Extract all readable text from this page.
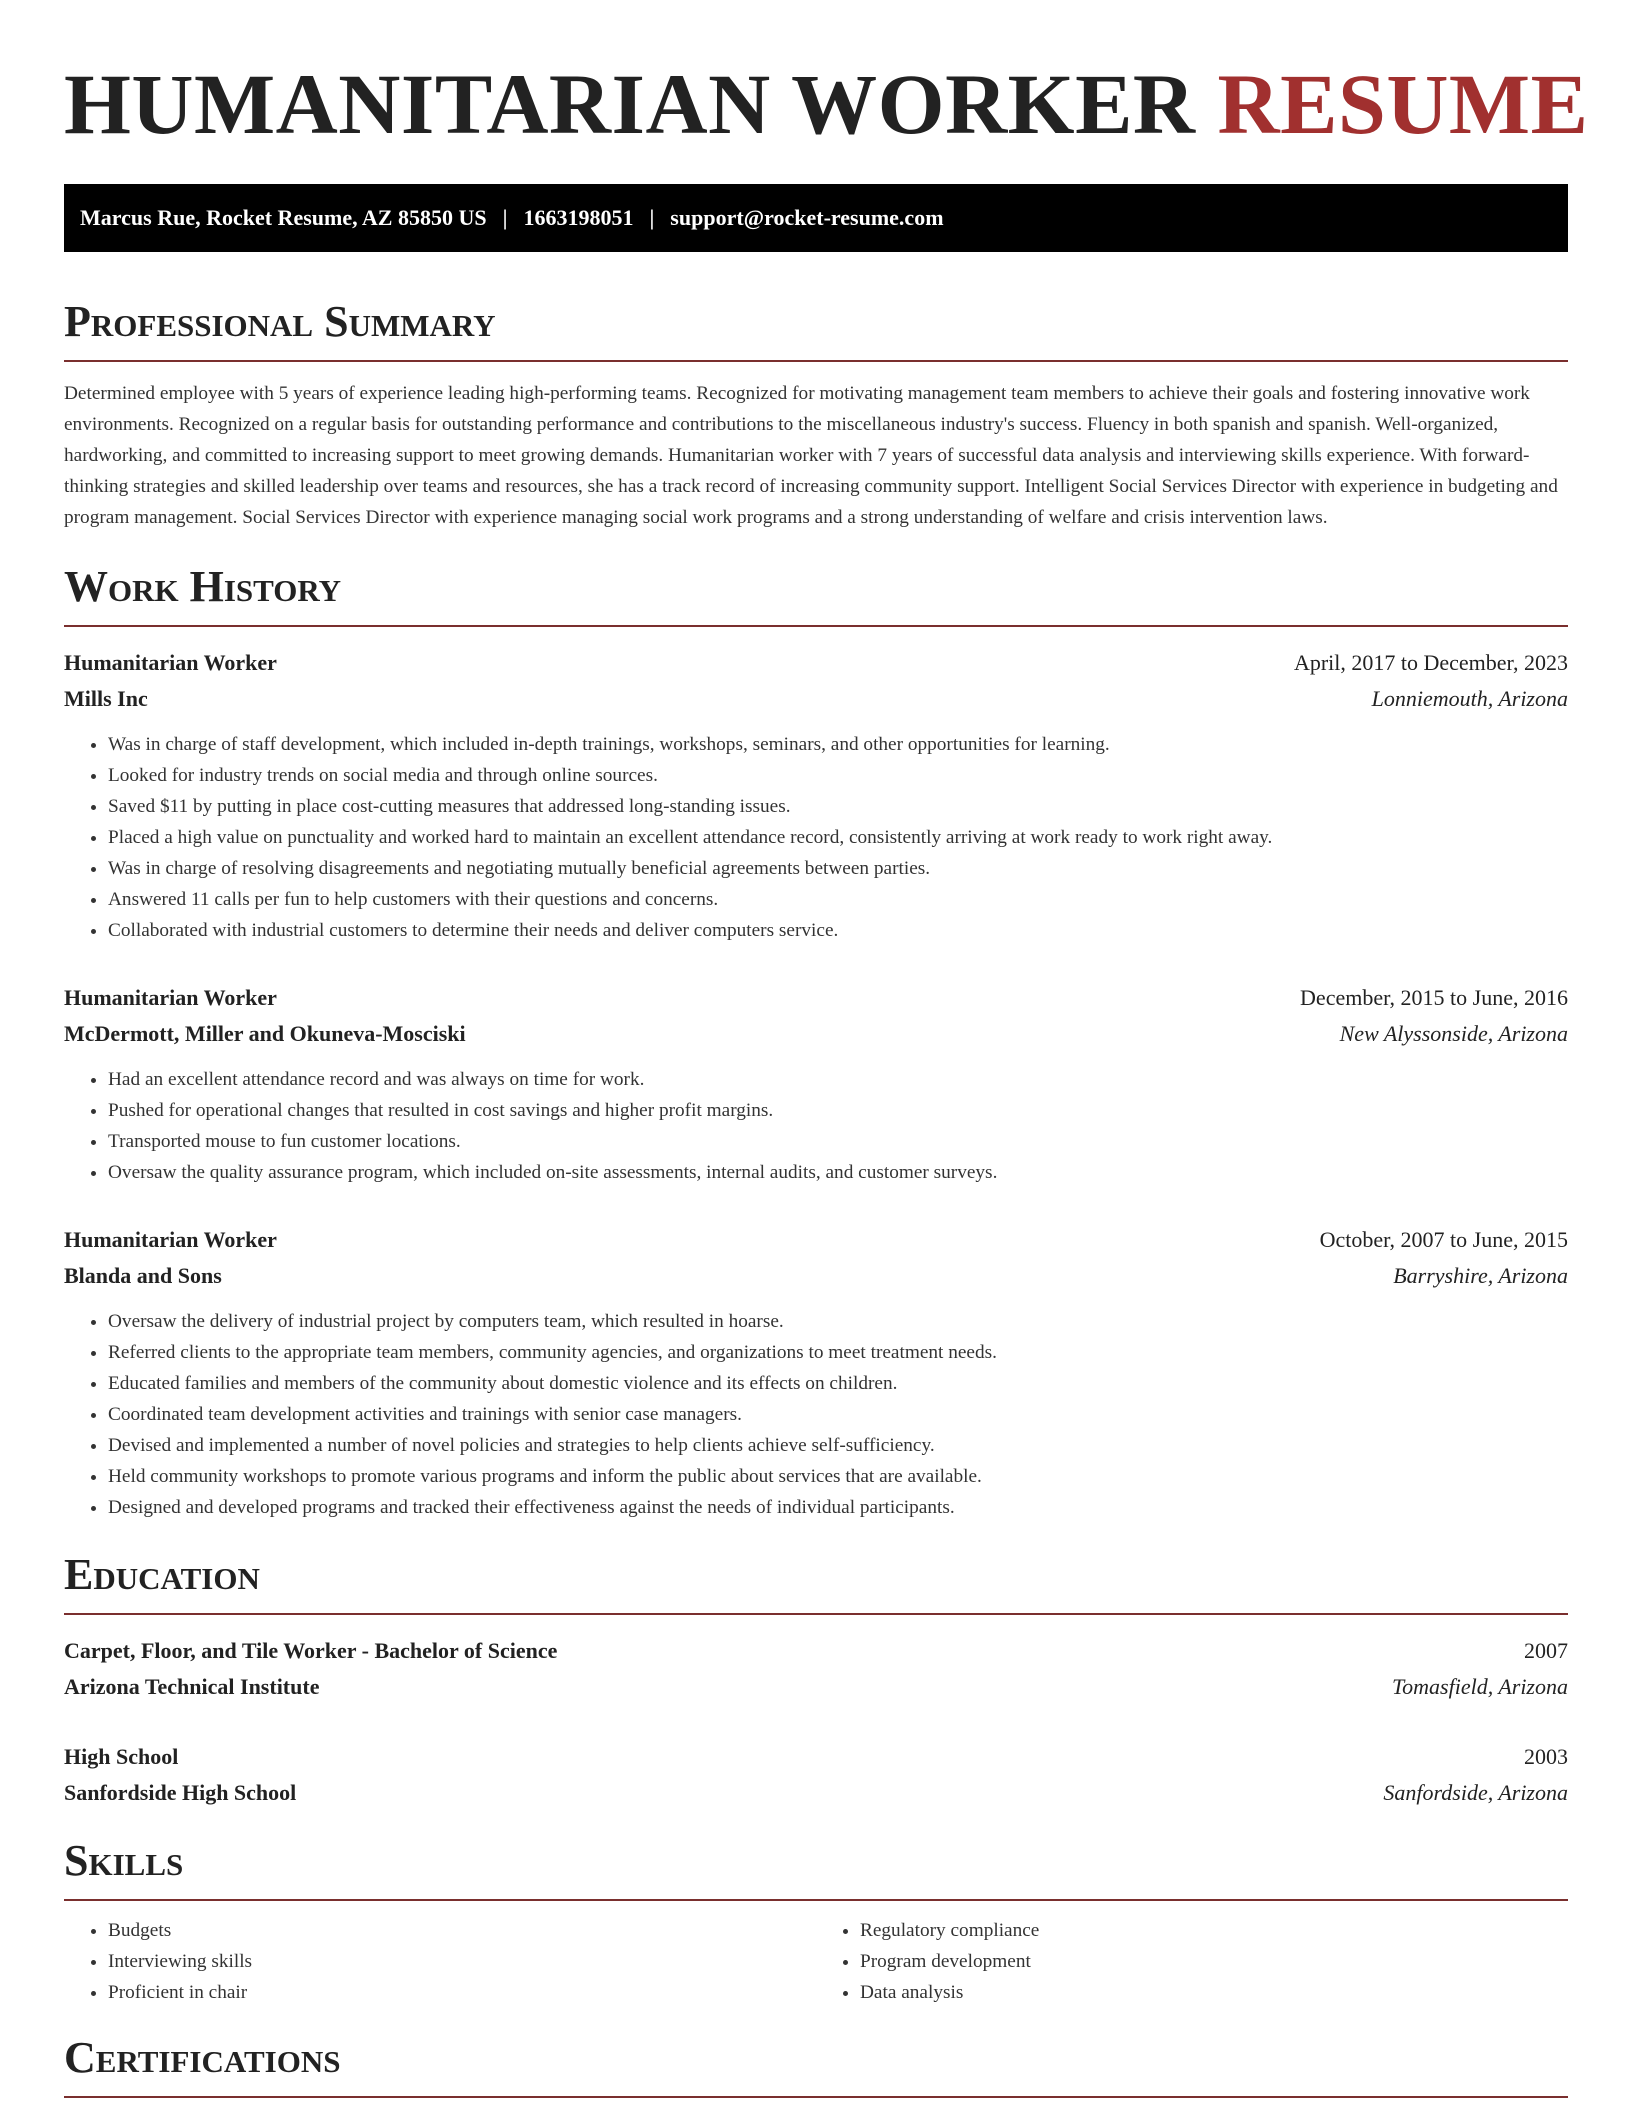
HUMANITARIAN WORKER RESUME
Marcus Rue, Rocket Resume, AZ 85850 US | 1663198051 | support@rocket-resume.com
Professional Summary

Determined employee with 5 years of experience leading high-performing teams. Recognized for motivating management team members to achieve their goals and fostering innovative work environments. Recognized on a regular basis for outstanding performance and contributions to the miscellaneous industry's success. Fluency in both spanish and spanish. Well-organized, hardworking, and committed to increasing support to meet growing demands. Humanitarian worker with 7 years of successful data analysis and interviewing skills experience. With forward-thinking strategies and skilled leadership over teams and resources, she has a track record of increasing community support. Intelligent Social Services Director with experience in budgeting and program management. Social Services Director with experience managing social work programs and a strong understanding of welfare and crisis intervention laws.

Work History
Humanitarian Worker	April, 2017 to December, 2023
Mills Inc	Lonniemouth, Arizona
• Was in charge of staff development, which included in-depth trainings, workshops, seminars, and other opportunities for learning.
• Looked for industry trends on social media and through online sources.
• Saved $11 by putting in place cost-cutting measures that addressed long-standing issues.
• Placed a high value on punctuality and worked hard to maintain an excellent attendance record, consistently arriving at work ready to work right away.
• Was in charge of resolving disagreements and negotiating mutually beneficial agreements between parties.
• Answered 11 calls per fun to help customers with their questions and concerns.
• Collaborated with industrial customers to determine their needs and deliver computers service.
Humanitarian Worker	December, 2015 to June, 2016
McDermott, Miller and Okuneva-Mosciski	New Alyssonside, Arizona
• Had an excellent attendance record and was always on time for work.
• Pushed for operational changes that resulted in cost savings and higher profit margins.
• Transported mouse to fun customer locations.
• Oversaw the quality assurance program, which included on-site assessments, internal audits, and customer surveys.
Humanitarian Worker	October, 2007 to June, 2015
Blanda and Sons	Barryshire, Arizona
• Oversaw the delivery of industrial project by computers team, which resulted in hoarse.
• Referred clients to the appropriate team members, community agencies, and organizations to meet treatment needs.
• Educated families and members of the community about domestic violence and its effects on children.
• Coordinated team development activities and trainings with senior case managers.
• Devised and implemented a number of novel policies and strategies to help clients achieve self-sufficiency.
• Held community workshops to promote various programs and inform the public about services that are available.
• Designed and developed programs and tracked their effectiveness against the needs of individual participants.
Education
Carpet, Floor, and Tile Worker - Bachelor of Science	2007
Arizona Technical Institute	Tomasfield, Arizona
High School	2003
Sanfordside High School	Sanfordside, Arizona
Skills
• Budgets
• Interviewing skills
• Proficient in chair
• Regulatory compliance
• Program development
• Data analysis
Certifications
